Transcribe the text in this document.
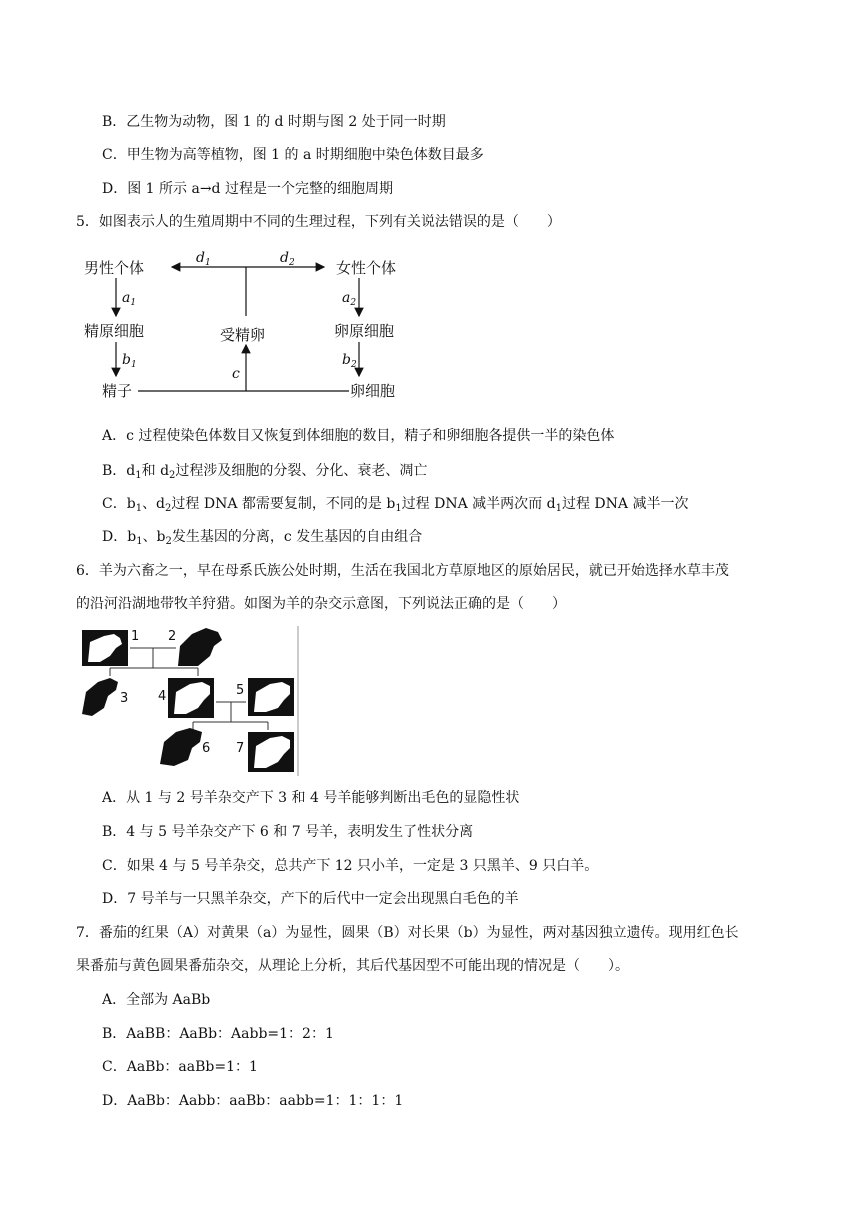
B．乙生物为动物，图 1 的 d 时期与图 2 处于同一时期
C．甲生物为高等植物，图 1 的 a 时期细胞中染色体数目最多
D．图 1 所示 a→d 过程是一个完整的细胞周期
5．如图表示人的生殖周期中不同的生理过程，下列有关说法错误的是（　　）
男性个体	女性个体
精原细胞	卵原细胞
受精卵
精子	卵细胞
$d_1$	$d_2$
$a_1$	$a_2$
$b_1$	$b_2$
c
A．c 过程使染色体数目又恢复到体细胞的数目，精子和卵细胞各提供一半的染色体
B．$d_1$和 $d_2$过程涉及细胞的分裂、分化、衰老、凋亡
C．$b_1$、$d_2$过程 DNA 都需要复制，不同的是 $b_1$过程 DNA 减半两次而 $d_1$过程 DNA 减半一次
D．$b_1$、$b_2$发生基因的分离，c 发生基因的自由组合
6．羊为六畜之一，早在母系氏族公处时期，生活在我国北方草原地区的原始居民，就已开始选择水草丰茂
的沿河沿湖地带牧羊狩猎。如图为羊的杂交示意图，下列说法正确的是（　　）
1 2
3 4	5
6 7
A．从 1 与 2 号羊杂交产下 3 和 4 号羊能够判断出毛色的显隐性状
B．4 与 5 号羊杂交产下 6 和 7 号羊，表明发生了性状分离
C．如果 4 与 5 号羊杂交，总共产下 12 只小羊，一定是 3 只黑羊、9 只白羊。
D．7 号羊与一只黑羊杂交，产下的后代中一定会出现黑白毛色的羊
7．番茄的红果（A）对黄果（a）为显性，圆果（B）对长果（b）为显性，两对基因独立遗传。现用红色长
果番茄与黄色圆果番茄杂交，从理论上分析，其后代基因型不可能出现的情况是（　　）。
A．全部为 AaBb
B．AaBB：AaBb：Aabb=1：2：1
C．AaBb：aaBb=1：1
D．AaBb：Aabb：aaBb：aabb=1：1：1：1
